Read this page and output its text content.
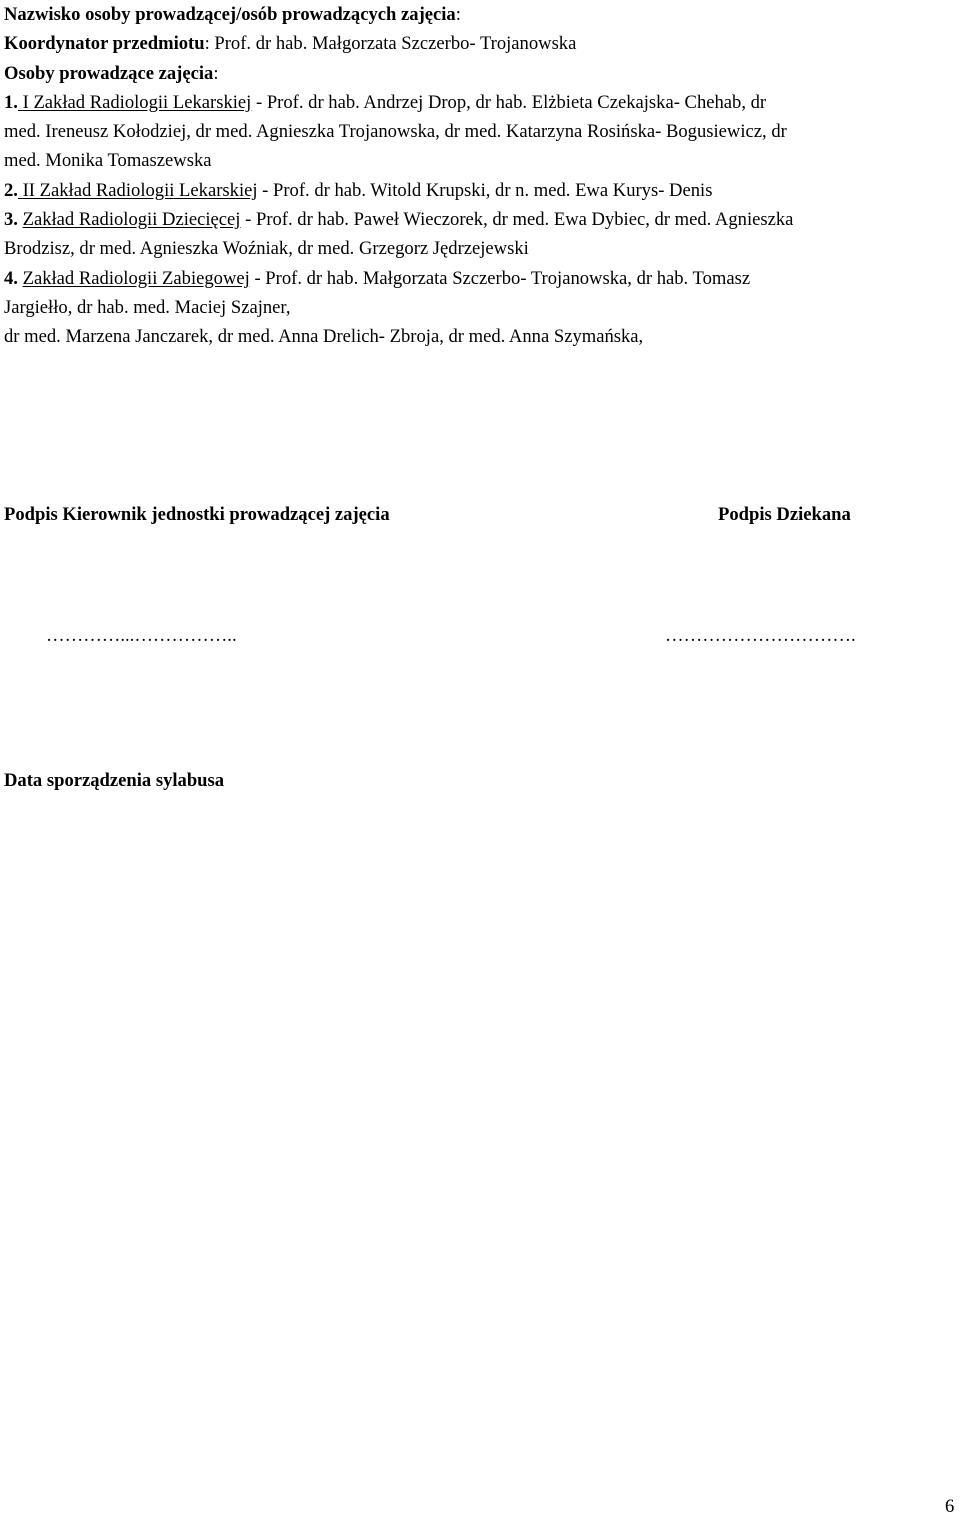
Nazwisko osoby prowadzącej/osób prowadzących zajęcia:

Koordynator przedmiotu: Prof. dr hab. Małgorzata Szczerbo- Trojanowska

Osoby prowadzące zajęcia:

1. I Zakład Radiologii Lekarskiej - Prof. dr hab. Andrzej Drop, dr hab. Elżbieta Czekajska- Chehab, dr

med. Ireneusz Kołodziej, dr med. Agnieszka Trojanowska, dr med. Katarzyna Rosińska- Bogusiewicz, dr

med. Monika Tomaszewska

2. II Zakład Radiologii Lekarskiej - Prof. dr hab. Witold Krupski, dr n. med. Ewa Kurys- Denis

3. Zakład Radiologii Dziecięcej - Prof. dr hab. Paweł Wieczorek, dr med. Ewa Dybiec, dr med. Agnieszka

Brodzisz, dr med. Agnieszka Woźniak, dr med. Grzegorz Jędrzejewski

4. Zakład Radiologii Zabiegowej - Prof. dr hab. Małgorzata Szczerbo- Trojanowska, dr hab. Tomasz

Jargiełło, dr hab. med. Maciej Szajner,

dr med. Marzena Janczarek, dr med. Anna Drelich- Zbroja, dr med. Anna Szymańska,

Podpis Kierownik jednostki prowadzącej zajęcia	Podpis Dziekana
…………...……………..	………………………….
Data sporządzenia sylabusa
6
